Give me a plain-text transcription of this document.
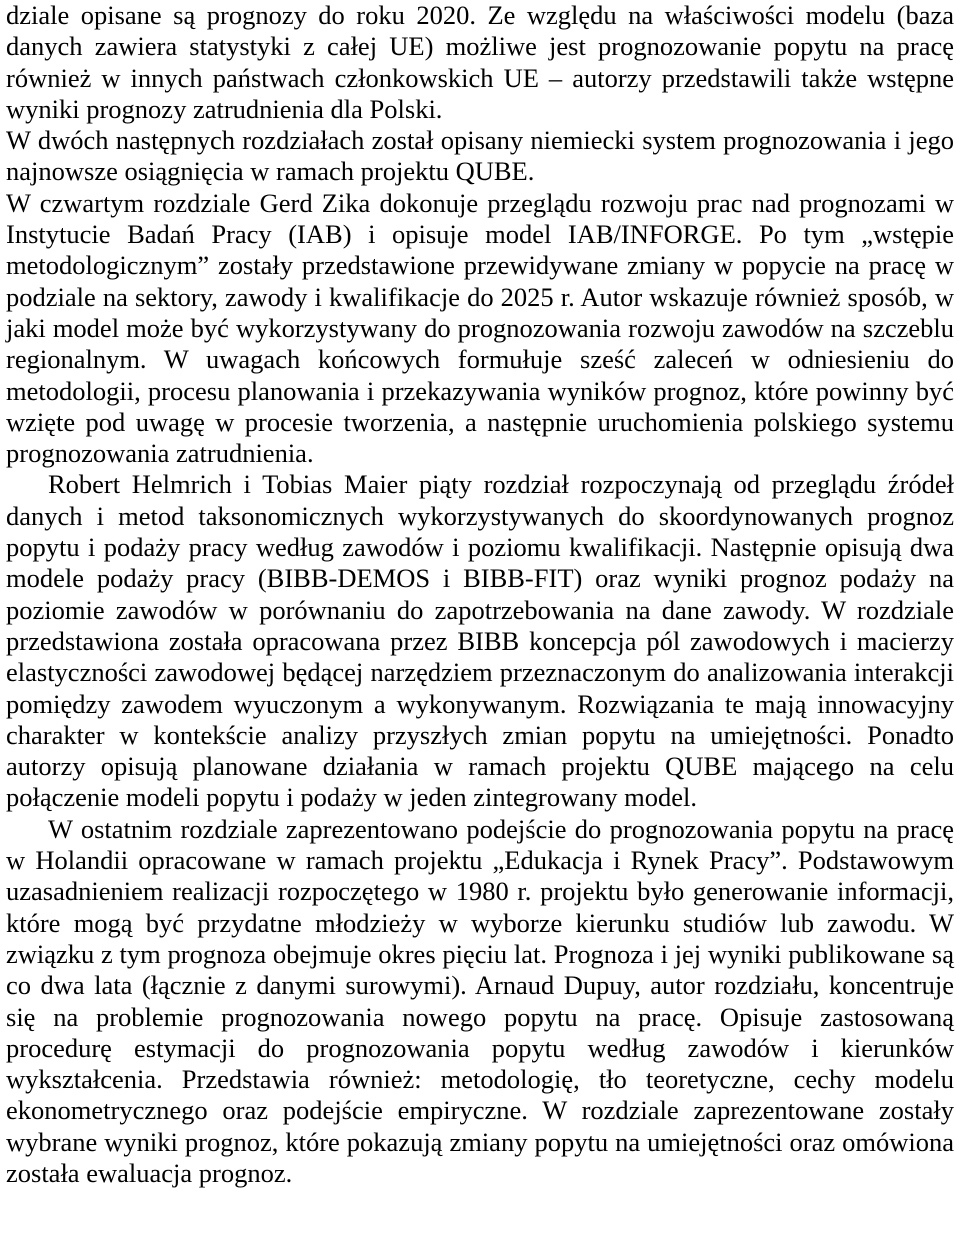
dziale opisane są prognozy do roku 2020. Ze względu na właściwości modelu (baza danych zawiera statystyki z całej UE) możliwe jest prognozowanie popytu na pracę również w innych państwach członkowskich UE – autorzy przedstawili także wstępne wyniki prognozy zatrudnienia dla Polski.

W dwóch następnych rozdziałach został opisany niemiecki system prognozowania i jego najnowsze osiągnięcia w ramach projektu QUBE.

W czwartym rozdziale Gerd Zika dokonuje przeglądu rozwoju prac nad prognozami w Instytucie Badań Pracy (IAB) i opisuje model IAB/INFORGE. Po tym „wstępie metodologicznym” zostały przedstawione przewidywane zmiany w popycie na pracę w podziale na sektory, zawody i kwalifikacje do 2025 r. Autor wskazuje również sposób, w jaki model może być wykorzystywany do prognozowania rozwoju zawodów na szczeblu regionalnym. W uwagach końcowych formułuje sześć zaleceń w odniesieniu do metodologii, procesu planowania i przekazywania wyników prognoz, które powinny być wzięte pod uwagę w procesie tworzenia, a następnie uruchomienia polskiego systemu prognozowania zatrudnienia.

Robert Helmrich i Tobias Maier piąty rozdział rozpoczynają od przeglądu źródeł danych i metod taksonomicznych wykorzystywanych do skoordynowanych prognoz popytu i podaży pracy według zawodów i poziomu kwalifikacji. Następnie opisują dwa modele podaży pracy (BIBB-DEMOS i BIBB-FIT) oraz wyniki prognoz podaży na poziomie zawodów w porównaniu do zapotrzebowania na dane zawody. W rozdziale przedstawiona została opracowana przez BIBB koncepcja pól zawodowych i macierzy elastyczności zawodowej będącej narzędziem przeznaczonym do analizowania interakcji pomiędzy zawodem wyuczonym a wykonywanym. Rozwiązania te mają innowacyjny charakter w kontekście analizy przyszłych zmian popytu na umiejętności. Ponadto autorzy opisują planowane działania w ramach projektu QUBE mającego na celu połączenie modeli popytu i podaży w jeden zintegrowany model.

W ostatnim rozdziale zaprezentowano podejście do prognozowania popytu na pracę w Holandii opracowane w ramach projektu „Edukacja i Rynek Pracy”. Podstawowym uzasadnieniem realizacji rozpoczętego w 1980 r. projektu było generowanie informacji, które mogą być przydatne młodzieży w wyborze kierunku studiów lub zawodu. W związku z tym prognoza obejmuje okres pięciu lat. Prognoza i jej wyniki publikowane są co dwa lata (łącznie z danymi surowymi). Arnaud Dupuy, autor rozdziału, koncentruje się na problemie prognozowania nowego popytu na pracę. Opisuje zastosowaną procedurę estymacji do prognozowania popytu według zawodów i kierunków wykształcenia. Przedstawia również: metodologię, tło teoretyczne, cechy modelu ekonometrycznego oraz podejście empiryczne. W rozdziale zaprezentowane zostały wybrane wyniki prognoz, które pokazują zmiany popytu na umiejętności oraz omówiona została ewaluacja prognoz.
